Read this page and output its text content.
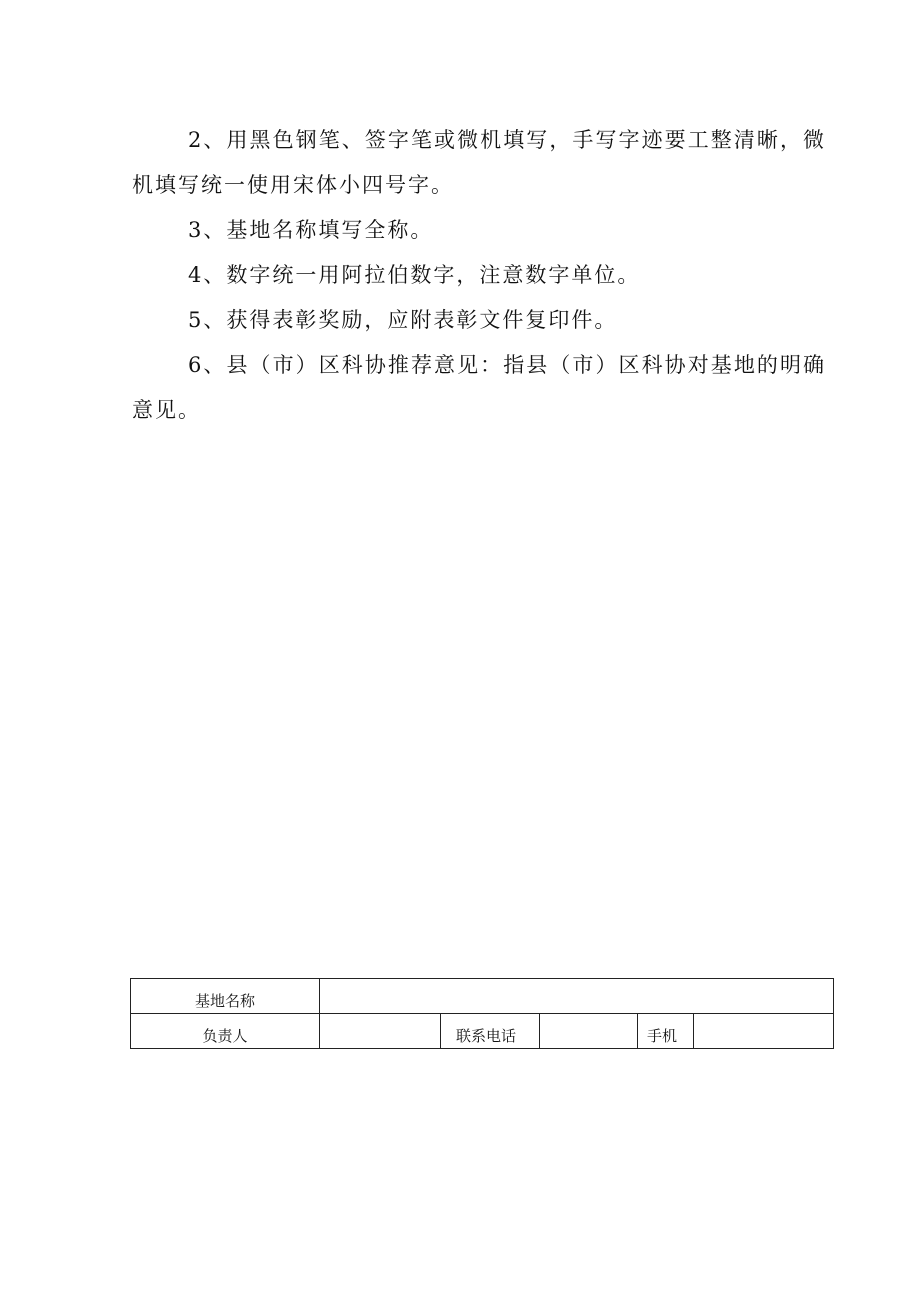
2、用黑色钢笔、签字笔或微机填写，手写字迹要工整清晰，微机填写统一使用宋体小四号字。

3、基地名称填写全称。

4、数字统一用阿拉伯数字，注意数字单位。

5、获得表彰奖励，应附表彰文件复印件。

6、县（市）区科协推荐意见：指县（市）区科协对基地的明确意见。

基地名称					
负责人		联系电话		手机	
